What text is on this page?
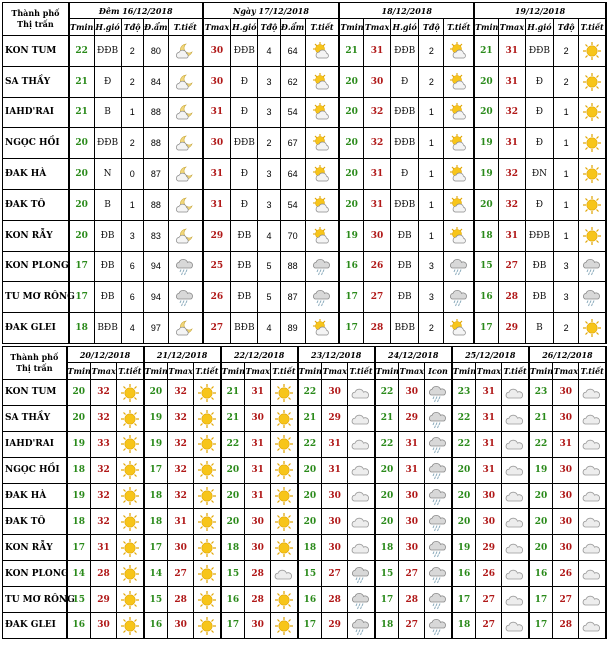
Thành phố
Thị trấn	Đêm 16/12/2018					Ngày 17/12/2018					18/12/2018					19/12/2018				
	Tmin	H.gió	Tđộ	Đ.ẩm	T.tiết	Tmax	H.gió	Tđộ	Đ.ẩm	T.tiết	Tmin	Tmax	H.gió	Tđộ	T.tiết	Tmin	Tmax	H.gió	Tđộ	T.tiết
KON TUM	22	ĐĐB	2	80		30	ĐĐB	4	64		21	31	ĐĐB	2		21	31	ĐĐB	2	

SA THẦY	21	Đ	2	84		30	Đ	3	62		20	30	Đ	2		20	31	Đ	2	

IAHD'RAI	21	B	1	88		31	Đ	3	54		20	32	ĐĐB	1		20	32	Đ	1	

NGỌC HỒI	20	ĐĐB	2	88		30	ĐĐB	2	67		20	32	ĐĐB	1		19	31	Đ	1	

ĐAK HÀ	20	N	0	87		31	Đ	3	64		20	31	Đ	1		19	32	ĐN	1	

ĐAK TÔ	20	B	1	88		31	Đ	3	54		20	31	ĐĐB	1		20	32	Đ	1	

KON RẪY	20	ĐB	3	83		29	ĐB	4	70		19	30	ĐB	1		18	31	ĐĐB	1	

KON PLONG	17	ĐB	6	94		25	ĐB	5	88		16	26	ĐB	3		15	27	ĐB	3	

TU MƠ RÔNG	17	ĐB	6	94		26	ĐB	5	87		17	27	ĐB	3		16	28	ĐB	3	

ĐAK GLEI	18	BĐB	4	97		27	BĐB	4	89		17	28	BĐB	2		17	29	B	2	
Thành phố
Thị trấn	20/12/2018			21/12/2018			22/12/2018			23/12/2018			24/12/2018			25/12/2018			26/12/2018		
	Tmin	Tmax	T.tiết	Tmin	Tmax	T.tiết	Tmin	Tmax	T.tiết	Tmin	Tmax	T.tiết	Tmin	Tmax	Icon	Tmin	Tmax	T.tiết	Tmin	Tmax	T.tiết
KON TUM	20	32		20	32		21	31		22	30		22	30		23	31		23	30	

SA THẦY	20	32		19	32		21	30		21	29		21	29		22	31		21	30	

IAHD'RAI	19	33		19	32		22	31		22	31		22	31		22	31		22	31	

NGỌC HỒI	18	32		17	32		20	31		20	31		20	31		20	31		19	30	

ĐAK HÀ	19	32		18	32		20	31		20	30		20	30		20	30		20	30	

ĐAK TÔ	18	32		18	31		20	30		20	30		20	30		20	30		20	30	

KON RẪY	17	31		17	30		18	30		18	30		18	30		19	29		20	30	

KON PLONG	14	28		14	27		15	28		15	27		15	27		16	26		16	26	

TU MƠ RÔNG	15	29		15	28		16	28		16	28		17	28		17	27		17	27	

ĐAK GLEI	16	30		16	30		17	30		17	29		18	27		18	27		17	28	
